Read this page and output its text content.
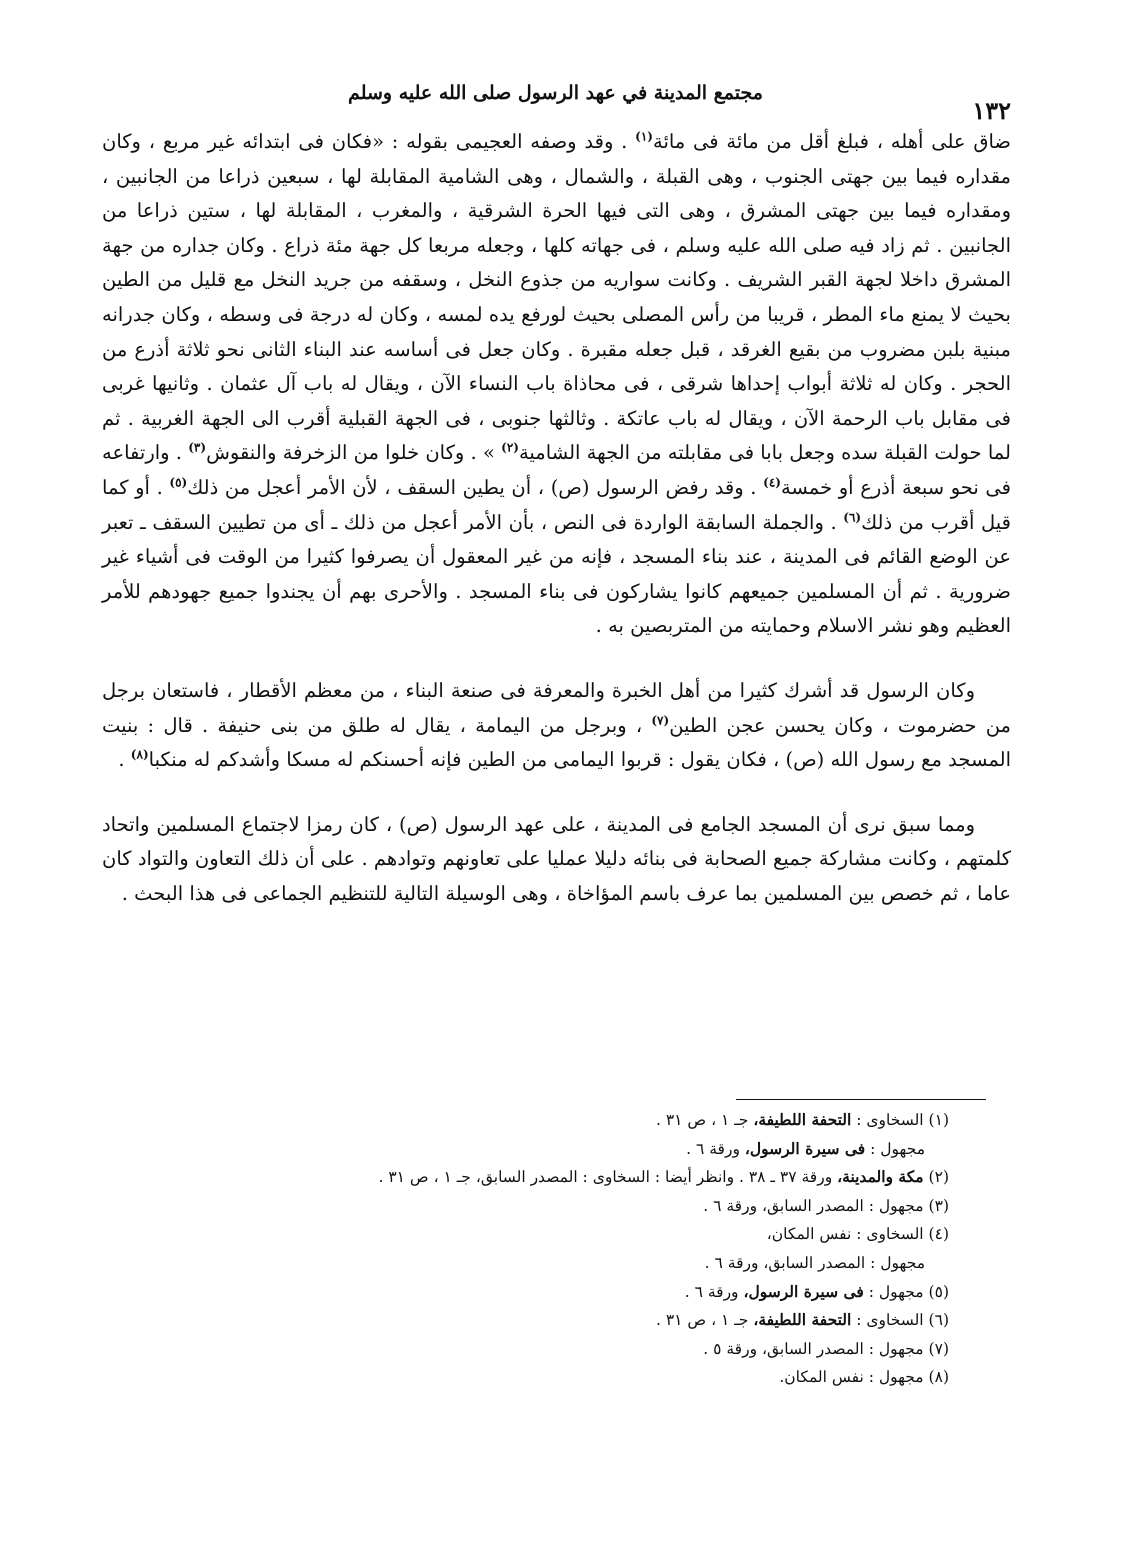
مجتمع المدينة في عهد الرسول صلى الله عليه وسلم
١٣٢

ضاق على أهله ، فبلغ أقل من مائة فى مائة$^{(١)}$ . وقد وصفه العجيمى بقوله : «فكان فى ابتدائه غير مربع ، وكان مقداره فيما بين جهتى الجنوب ، وهى القبلة ، والشمال ، وهى الشامية المقابلة لها ، سبعين ذراعا من الجانبين ، ومقداره فيما بين جهتى المشرق ، وهى التى فيها الحرة الشرقية ، والمغرب ، المقابلة لها ، ستين ذراعا من الجانبين . ثم زاد فيه صلى الله عليه وسلم ، فى جهاته كلها ، وجعله مربعا كل جهة مئة ذراع . وكان جداره من جهة المشرق داخلا لجهة القبر الشريف . وكانت سواريه من جذوع النخل ، وسقفه من جريد النخل مع قليل من الطين بحيث لا يمنع ماء المطر ، قريبا من رأس المصلى بحيث لورفع يده لمسه ، وكان له درجة فى وسطه ، وكان جدرانه مبنية بلبن مضروب من بقيع الغرقد ، قبل جعله مقبرة . وكان جعل فى أساسه عند البناء الثانى نحو ثلاثة أذرع من الحجر . وكان له ثلاثة أبواب إحداها شرقى ، فى محاذاة باب النساء الآن ، ويقال له باب آل عثمان . وثانيها غربى فى مقابل باب الرحمة الآن ، ويقال له باب عاتكة . وثالثها جنوبى ، فى الجهة القبلية أقرب الى الجهة الغربية . ثم لما حولت القبلة سده وجعل بابا فى مقابلته من الجهة الشامية$^{(٢)}$ » . وكان خلوا من الزخرفة والنقوش$^{(٣)}$ . وارتفاعه فى نحو سبعة أذرع أو خمسة$^{(٤)}$ . وقد رفض الرسول (ص) ، أن يطين السقف ، لأن الأمر أعجل من ذلك$^{(٥)}$ . أو كما قيل أقرب من ذلك$^{(٦)}$ . والجملة السابقة الواردة فى النص ، بأن الأمر أعجل من ذلك ـ أى من تطيين السقف ـ تعبر عن الوضع القائم فى المدينة ، عند بناء المسجد ، فإنه من غير المعقول أن يصرفوا كثيرا من الوقت فى أشياء غير ضرورية . ثم أن المسلمين جميعهم كانوا يشاركون فى بناء المسجد . والأحرى بهم أن يجندوا جميع جهودهم للأمر العظيم وهو نشر الاسلام وحمايته من المتربصين به .

وكان الرسول قد أشرك كثيرا من أهل الخبرة والمعرفة فى صنعة البناء ، من معظم الأقطار ، فاستعان برجل من حضرموت ، وكان يحسن عجن الطين$^{(٧)}$ ، وبرجل من اليمامة ، يقال له طلق من بنى حنيفة . قال : بنيت المسجد مع رسول الله (ص) ، فكان يقول : قربوا اليمامى من الطين فإنه أحسنكم له مسكا وأشدكم له منكبا$^{(٨)}$ .

ومما سبق نرى أن المسجد الجامع فى المدينة ، على عهد الرسول (ص) ، كان رمزا لاجتماع المسلمين واتحاد كلمتهم ، وكانت مشاركة جميع الصحابة فى بنائه دليلا عمليا على تعاونهم وتوادهم . على أن ذلك التعاون والتواد كان عاما ، ثم خصص بين المسلمين بما عرف باسم المؤاخاة ، وهى الوسيلة التالية للتنظيم الجماعى فى هذا البحث .

(١) السخاوى : التحفة اللطيفة، جـ ١ ، ص ٣١ .
مجهول : فى سيرة الرسول، ورقة ٦ .
(٢) مكة والمدينة، ورقة ٣٧ ـ ٣٨ . وانظر أيضا : السخاوى : المصدر السابق، جـ ١ ، ص ٣١ .
(٣) مجهول : المصدر السابق، ورقة ٦ .
(٤) السخاوى : نفس المكان،
مجهول : المصدر السابق، ورقة ٦ .
(٥) مجهول : فى سيرة الرسول، ورقة ٦ .
(٦) السخاوى : التحفة اللطيفة، جـ ١ ، ص ٣١ .
(٧) مجهول : المصدر السابق، ورقة ٥ .
(٨) مجهول : نفس المكان.
